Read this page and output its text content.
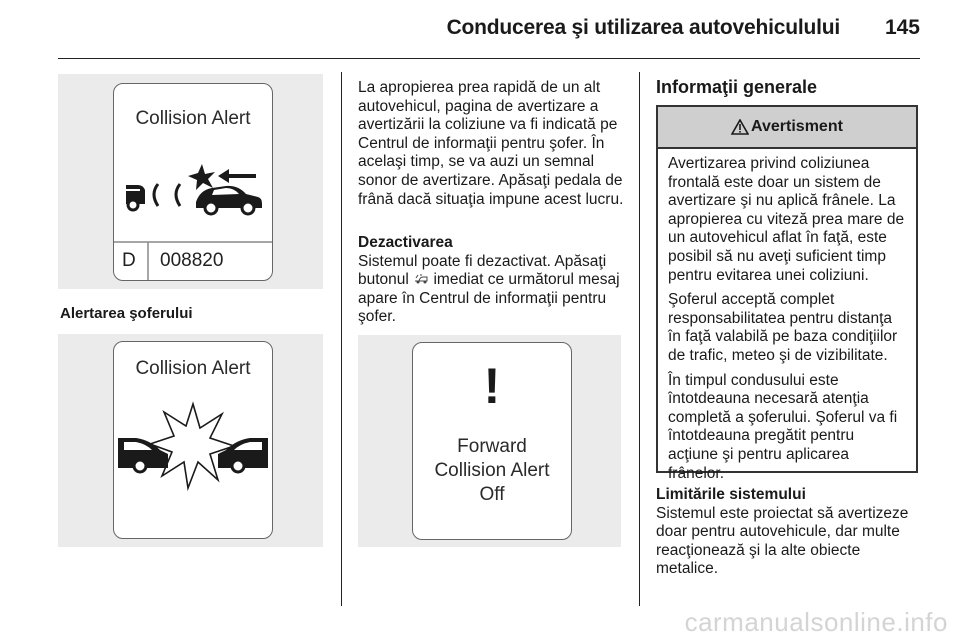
Conducerea şi utilizarea autovehiculului 145
Collision Alert
D 008820
Alertarea şoferului
Collision Alert
La apropierea prea rapidă de un alt autovehicul, pagina de avertizare a avertizării la coliziune va fi indicată pe Centrul de informaţii pentru şofer. În acelaşi timp, se va auzi un semnal sonor de avertizare. Apăsaţi pedala de frână dacă situaţia impune acest lucru.
Dezactivarea
Sistemul poate fi dezactivat. Apăsaţi butonul imediat ce următorul mesaj apare în Centrul de informaţii pentru şofer.
!
Forward
Collision Alert
Off
Informaţii generale
Avertisment

Avertizarea privind coliziunea frontală este doar un sistem de avertizare şi nu aplică frânele. La apropierea cu viteză prea mare de un autovehicul aflat în faţă, este posibil să nu aveţi suficient timp pentru evitarea unei coliziuni.

Şoferul acceptă complet responsabilitatea pentru distanţa în faţă valabilă pe baza condiţiilor de trafic, meteo şi de vizibilitate.

În timpul condusului este întotdeauna necesară atenţia completă a şoferului. Şoferul va fi întotdeauna pregătit pentru acţiune şi pentru aplicarea frânelor.

Limitările sistemului
Sistemul este proiectat să avertizeze doar pentru autovehicule, dar multe reacţionează şi la alte obiecte metalice.
carmanualsonline.info
